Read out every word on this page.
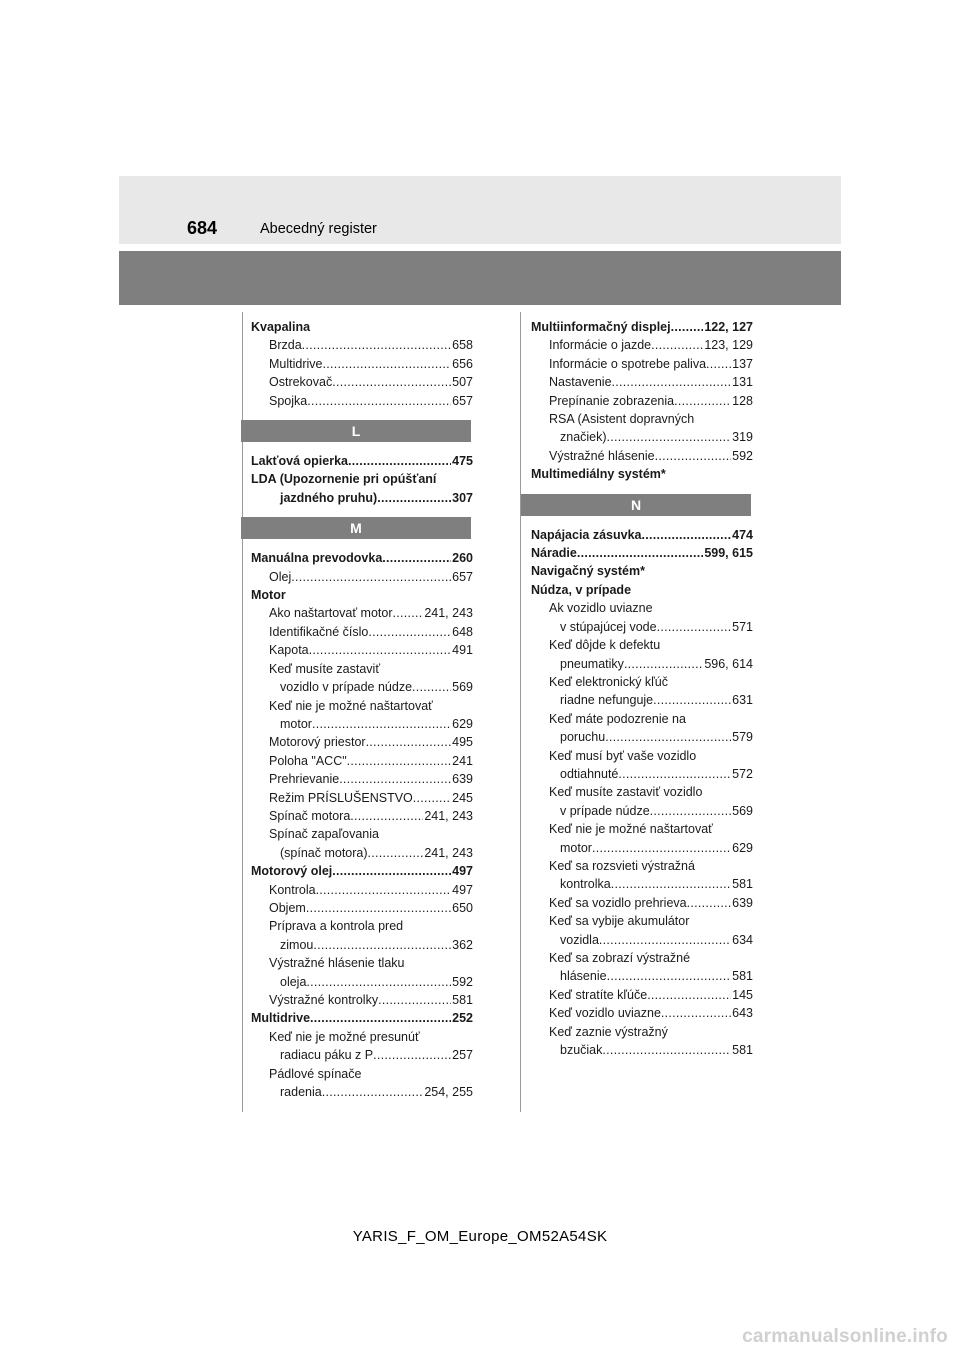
684	Abecedný register
Kvapalina
Brzda . . .	658
Multidrive . . .	656
Ostrekovač . . .	507
Spojka . . .	657
L
Lakťová opierka . . .	475
LDA (Upozornenie pri opúšťaní
jazdného pruhu) . . .	307
M
Manuálna prevodovka . . .	260
Olej . . .	657
Motor
Ako naštartovať motor . . .	241, 243
Identifikačné číslo . . .	648
Kapota . . .	491
Keď musíte zastaviť
vozidlo v prípade núdze . . .	569
Keď nie je možné naštartovať
motor . . .	629
Motorový priestor . . .	495
Poloha "ACC" . . .	241
Prehrievanie . . .	639
Režim PRÍSLUŠENSTVO . . .	245
Spínač motora . . .	241, 243
Spínač zapaľovania
(spínač motora) . . .	241, 243
Motorový olej . . .	497
Kontrola . . .	497
Objem . . .	650
Príprava a kontrola pred
zimou . . .	362
Výstražné hlásenie tlaku
oleja . . .	592
Výstražné kontrolky . . .	581
Multidrive . . .	252
Keď nie je možné presunúť
radiacu páku z P . . .	257
Pádlové spínače
radenia . . .	254, 255
Multiinformačný displej . . .	122, 127
Informácie o jazde . . .	123, 129
Informácie o spotrebe paliva . . . 137
Nastavenie . . .	131
Prepínanie zobrazenia . . .	128
RSA (Asistent dopravných
značiek) . . .	319
Výstražné hlásenie . . .	592
Multimediálny systém*
N
Napájacia zásuvka . . .	474
Náradie . . .	599, 615
Navigačný systém*
Núdza, v prípade
Ak vozidlo uviazne
v stúpajúcej vode . . .	571
Keď dôjde k defektu
pneumatiky . . .	596, 614
Keď elektronický kľúč
riadne nefunguje . . .	631
Keď máte podozrenie na
poruchu . . .	579
Keď musí byť vaše vozidlo
odtiahnuté . . .	572
Keď musíte zastaviť vozidlo
v prípade núdze . . .	569
Keď nie je možné naštartovať
motor . . .	629
Keď sa rozsvieti výstražná
kontrolka . . .	581
Keď sa vozidlo prehrieva . . .	639
Keď sa vybije akumulátor
vozidla . . .	634
Keď sa zobrazí výstražné
hlásenie . . .	581
Keď stratíte kľúče . . .	145
Keď vozidlo uviazne . . .	643
Keď zaznie výstražný
bzučiak . . .	581
YARIS_F_OM_Europe_OM52A54SK
carmanualsonline.info
